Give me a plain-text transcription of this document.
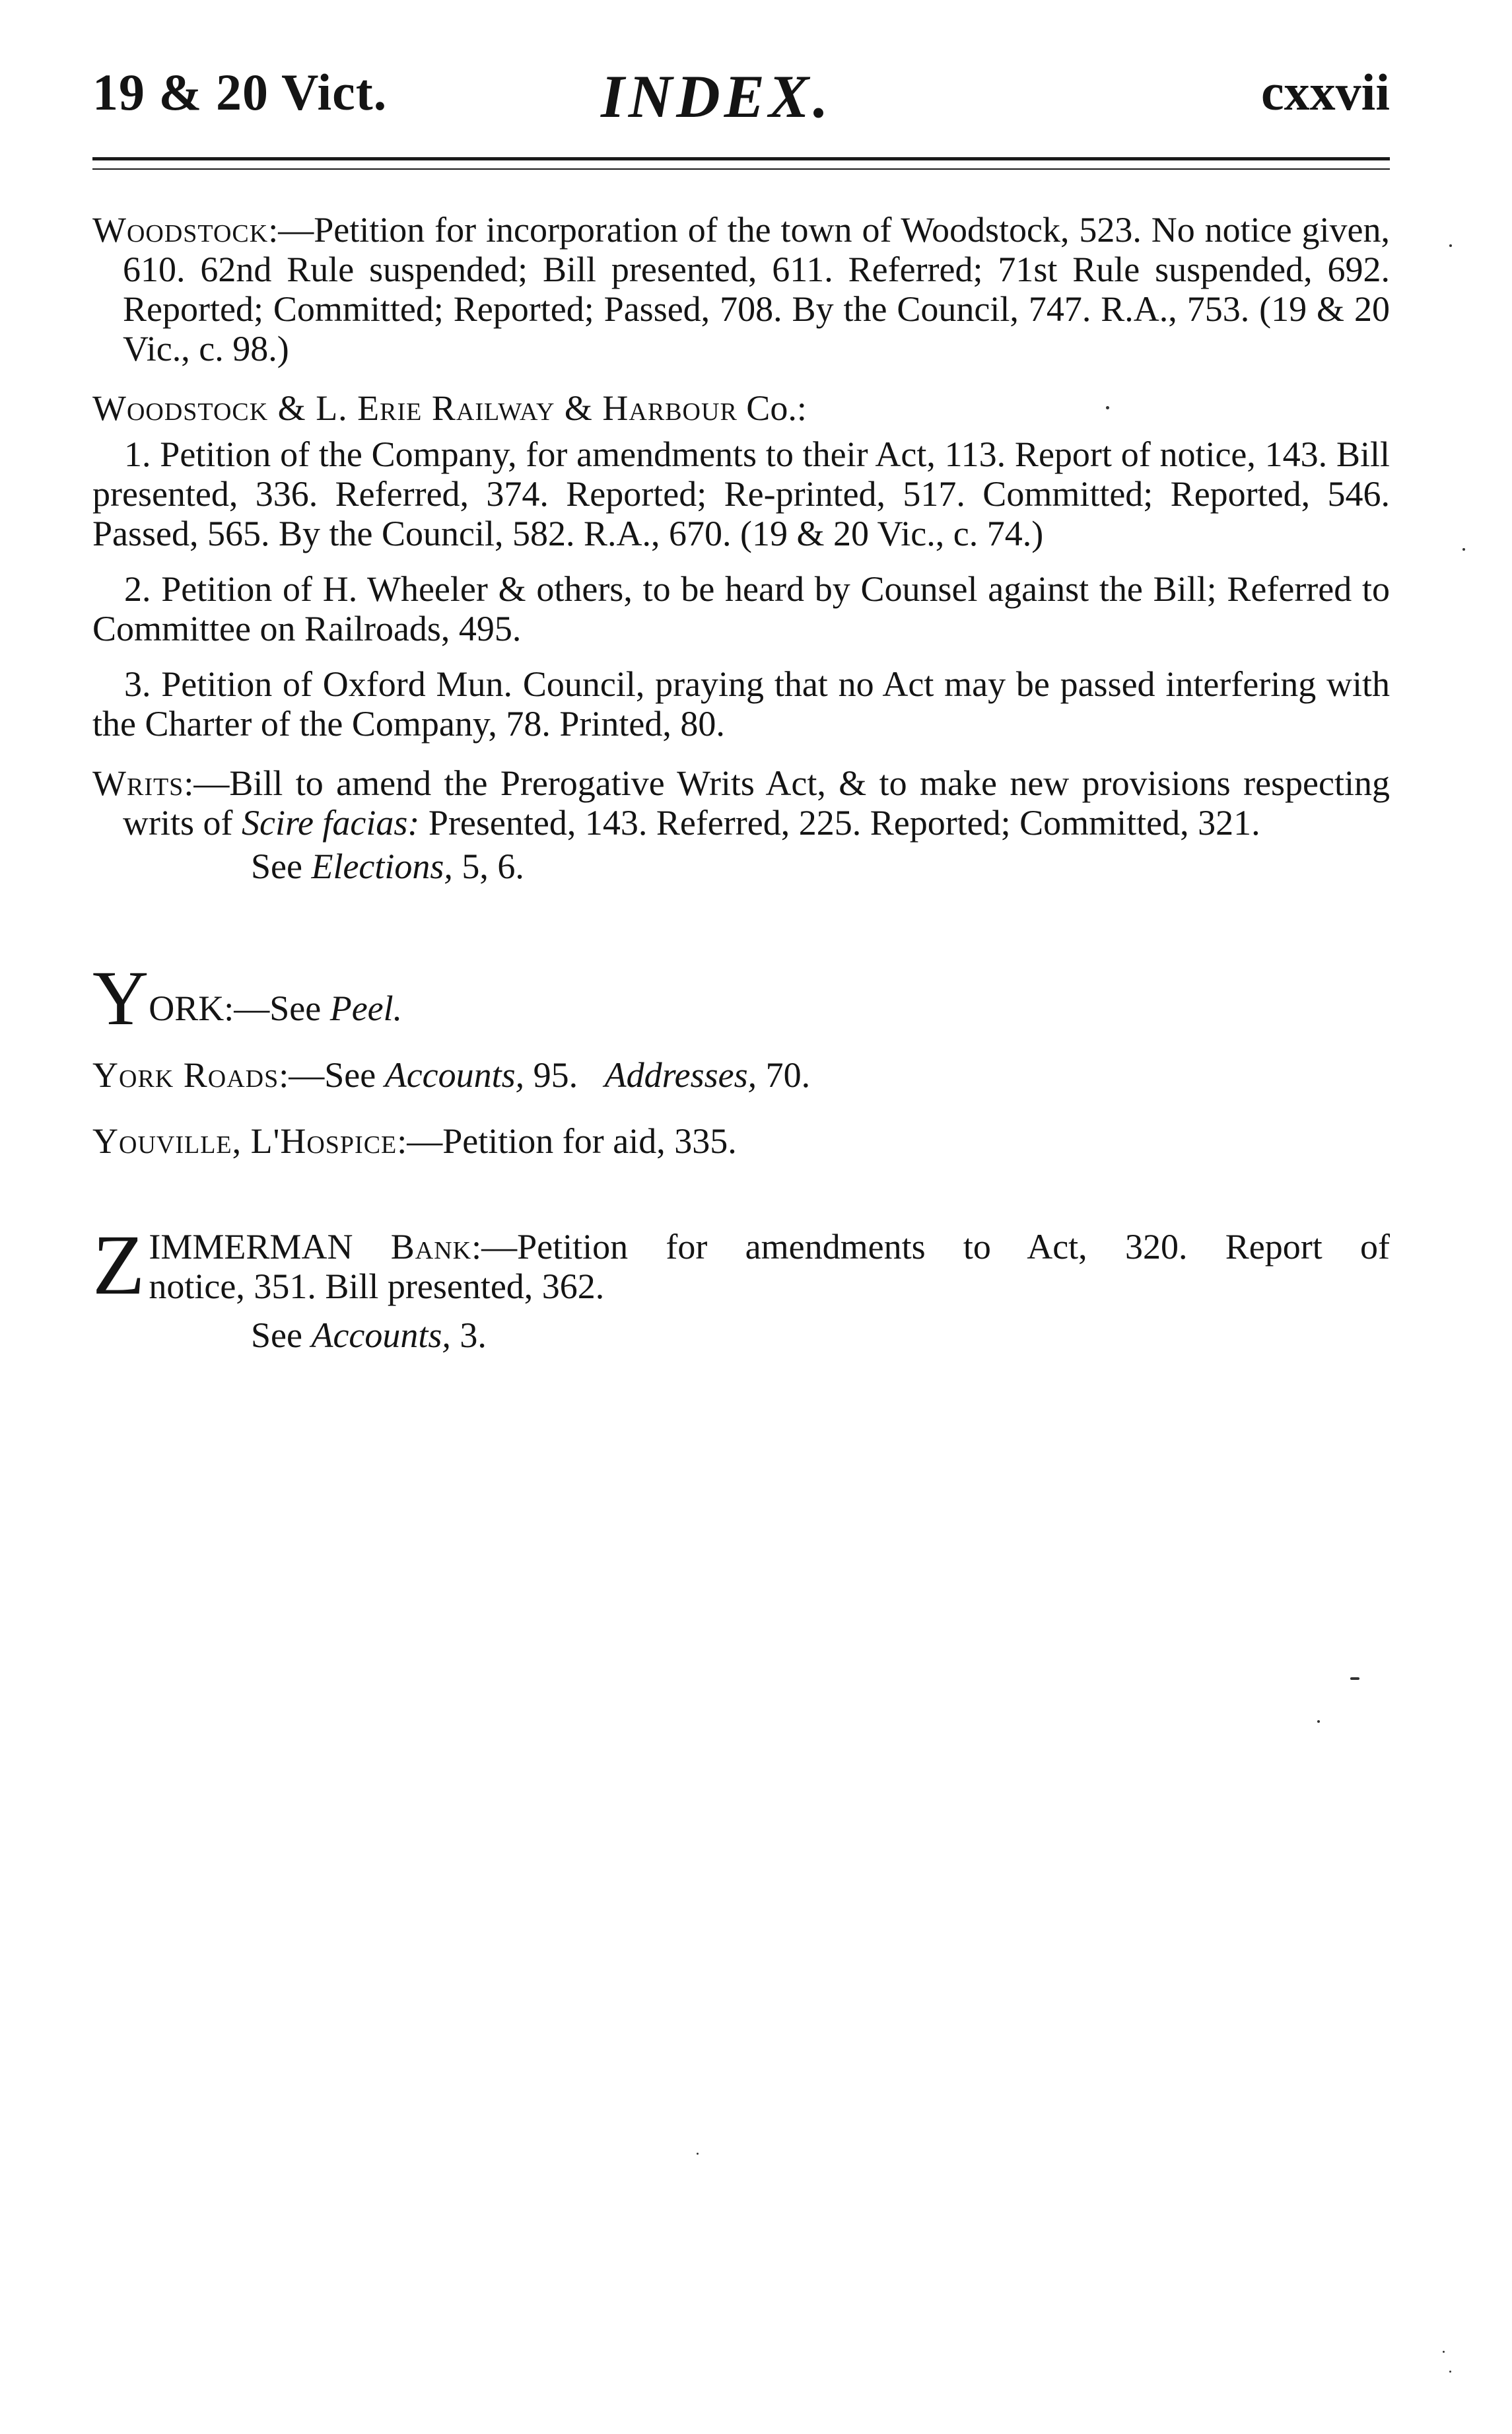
19 & 20 Vict.	INDEX.	cxxvii

Woodstock:—Petition for incorporation of the town of Woodstock, 523. No notice given, 610. 62nd Rule suspended; Bill presented, 611. Referred; 71st Rule suspended, 692. Reported; Committed; Reported; Passed, 708. By the Council, 747. R.A., 753. (19 & 20 Vic., c. 98.)

Woodstock & L. Erie Railway & Harbour Co.:

1. Petition of the Company, for amendments to their Act, 113. Report of notice, 143. Bill presented, 336. Referred, 374. Reported; Re-printed, 517. Committed; Reported, 546. Passed, 565. By the Council, 582. R.A., 670. (19 & 20 Vic., c. 74.)

2. Petition of H. Wheeler & others, to be heard by Counsel against the Bill; Referred to Committee on Railroads, 495.

3. Petition of Oxford Mun. Council, praying that no Act may be passed interfering with the Charter of the Company, 78. Printed, 80.

Writs:—Bill to amend the Prerogative Writs Act, & to make new provisions respecting writs of Scire facias: Presented, 143. Referred, 225. Reported; Committed, 321.

See Elections, 5, 6.

YORK:—See Peel.

York Roads:—See Accounts, 95. Addresses, 70.

Youville, L'Hospice:—Petition for aid, 335.

Z IMMERMAN Bank:—Petition for amendments to Act, 320. Report of

notice, 351. Bill presented, 362.

See Accounts, 3.
